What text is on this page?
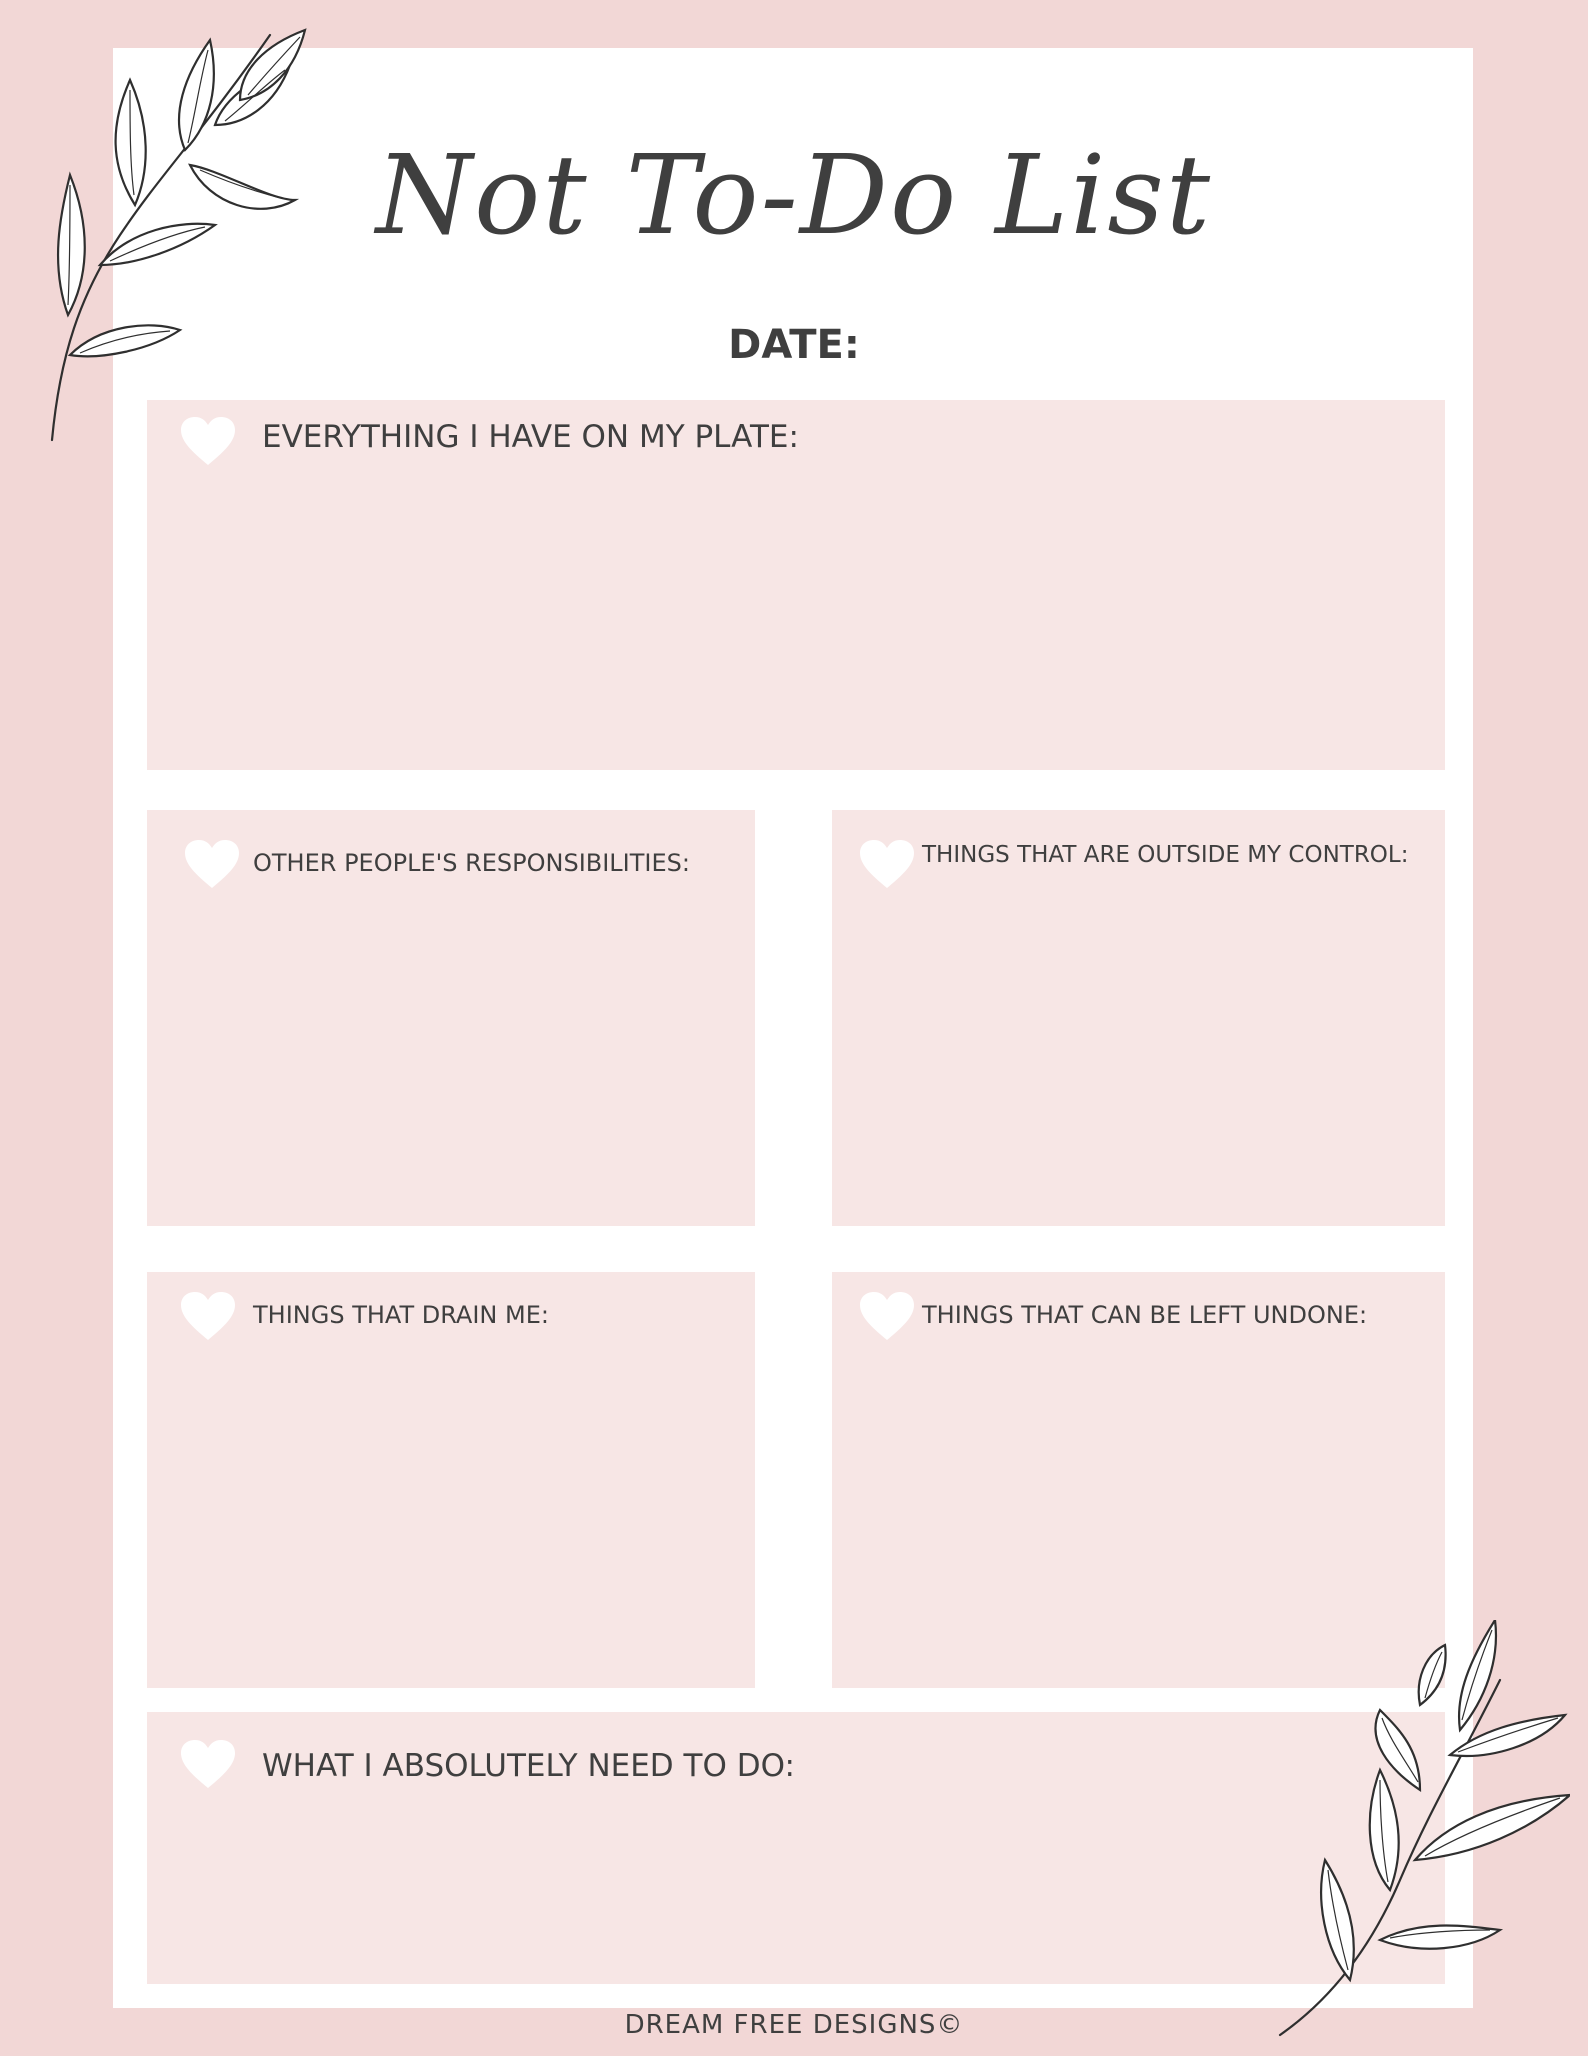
Not To-Do List
DATE:
EVERYTHING I HAVE ON MY PLATE:
OTHER PEOPLE'S RESPONSIBILITIES:	THINGS THAT ARE OUTSIDE MY CONTROL:
THINGS THAT DRAIN ME:	THINGS THAT CAN BE LEFT UNDONE:
WHAT I ABSOLUTELY NEED TO DO:
DREAM FREE DESIGNS©
